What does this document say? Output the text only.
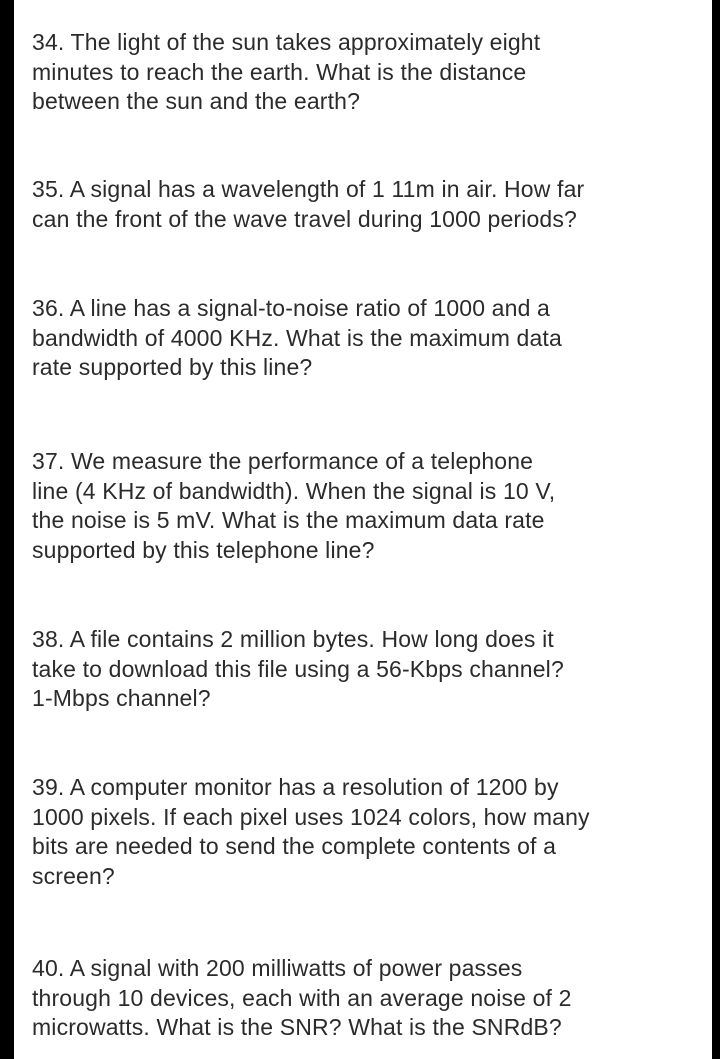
34. The light of the sun takes approximately eight
minutes to reach the earth. What is the distance
between the sun and the earth?

35. A signal has a wavelength of 1 11m in air. How far
can the front of the wave travel during 1000 periods?

36. A line has a signal-to-noise ratio of 1000 and a
bandwidth of 4000 KHz. What is the maximum data
rate supported by this line?

37. We measure the performance of a telephone
line (4 KHz of bandwidth). When the signal is 10 V,
the noise is 5 mV. What is the maximum data rate
supported by this telephone line?

38. A file contains 2 million bytes. How long does it
take to download this file using a 56-Kbps channel?
1-Mbps channel?

39. A computer monitor has a resolution of 1200 by
1000 pixels. If each pixel uses 1024 colors, how many
bits are needed to send the complete contents of a
screen?

40. A signal with 200 milliwatts of power passes
through 10 devices, each with an average noise of 2
microwatts. What is the SNR? What is the SNRdB?
